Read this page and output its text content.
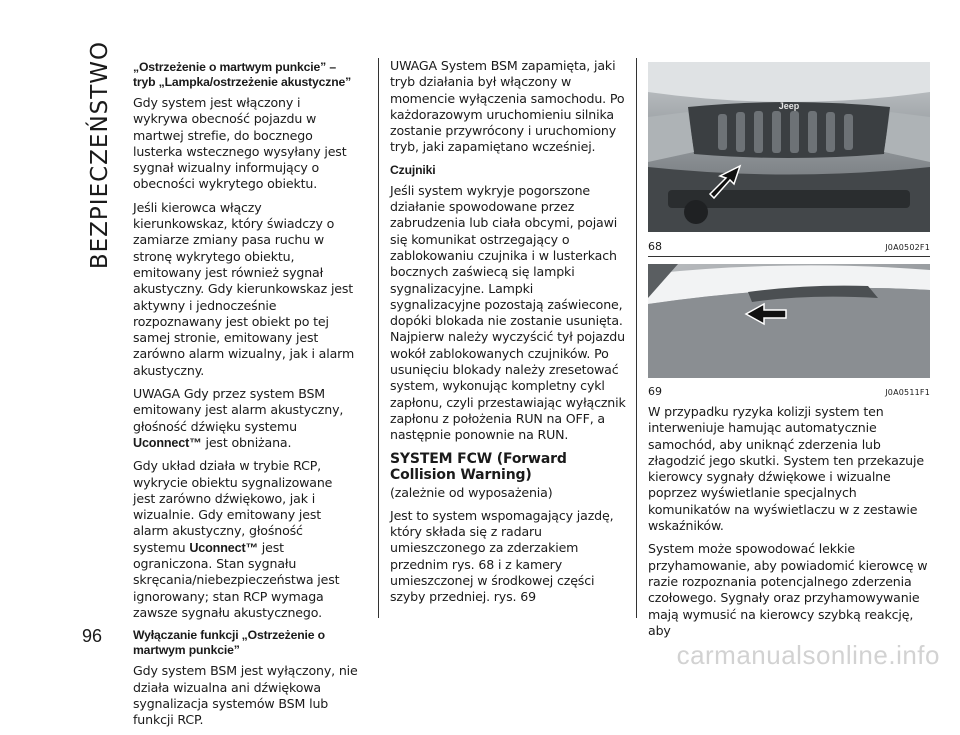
BEZPIECZEŃSTWO
96
„Ostrzeżenie o martwym punkcie” – tryb „Lampka/ostrzeżenie akustyczne”

Gdy system jest włączony i wykrywa obecność pojazdu w martwej strefie, do bocznego lusterka wstecznego wysyłany jest sygnał wizualny informujący o obecności wykrytego obiektu.

Jeśli kierowca włączy kierunkowskaz, który świadczy o zamiarze zmiany pasa ruchu w stronę wykrytego obiektu, emitowany jest również sygnał akustyczny. Gdy kierunkowskaz jest aktywny i jednocześnie rozpoznawany jest obiekt po tej samej stronie, emitowany jest zarówno alarm wizualny, jak i alarm akustyczny.

UWAGA Gdy przez system BSM emitowany jest alarm akustyczny, głośność dźwięku systemu Uconnect™ jest obniżana.

Gdy układ działa w trybie RCP, wykrycie obiektu sygnalizowane jest zarówno dźwiękowo, jak i wizualnie. Gdy emitowany jest alarm akustyczny, głośność systemu Uconnect™ jest ograniczona. Stan sygnału skręcania/niebezpieczeństwa jest ignorowany; stan RCP wymaga zawsze sygnału akustycznego.

Wyłączanie funkcji „Ostrzeżenie o martwym punkcie”

Gdy system BSM jest wyłączony, nie działa wizualna ani dźwiękowa sygnalizacja systemów BSM lub funkcji RCP.

UWAGA System BSM zapamięta, jaki tryb działania był włączony w momencie wyłączenia samochodu. Po każdorazowym uruchomieniu silnika zostanie przywrócony i uruchomiony tryb, jaki zapamiętano wcześniej.

Czujniki

Jeśli system wykryje pogorszone działanie spowodowane przez zabrudzenia lub ciała obcymi, pojawi się komunikat ostrzegający o zablokowaniu czujnika i w lusterkach bocznych zaświecą się lampki sygnalizacyjne. Lampki sygnalizacyjne pozostają zaświecone, dopóki blokada nie zostanie usunięta. Najpierw należy wyczyścić tył pojazdu wokół zablokowanych czujników. Po usunięciu blokady należy zresetować system, wykonując kompletny cykl zapłonu, czyli przestawiając wyłącznik zapłonu z położenia RUN na OFF, a następnie ponownie na RUN.

SYSTEM FCW (Forward Collision Warning)

(zależnie od wyposażenia)

Jest to system wspomagający jazdę, który składa się z radaru umieszczonego za zderzakiem przednim rys. 68 i z kamery umieszczonej w środkowej części szyby przedniej. rys. 69

Jeep
68	J0A0502F1
69	J0A0511F1

W przypadku ryzyka kolizji system ten interweniuje hamując automatycznie samochód, aby uniknąć zderzenia lub złagodzić jego skutki. System ten przekazuje kierowcy sygnały dźwiękowe i wizualne poprzez wyświetlanie specjalnych komunikatów na wyświetlaczu w z zestawie wskaźników.

System może spowodować lekkie przyhamowanie, aby powiadomić kierowcę w razie rozpoznania potencjalnego zderzenia czołowego. Sygnały oraz przyhamowywanie mają wymusić na kierowcy szybką reakcję, aby

carmanualsonline.info
